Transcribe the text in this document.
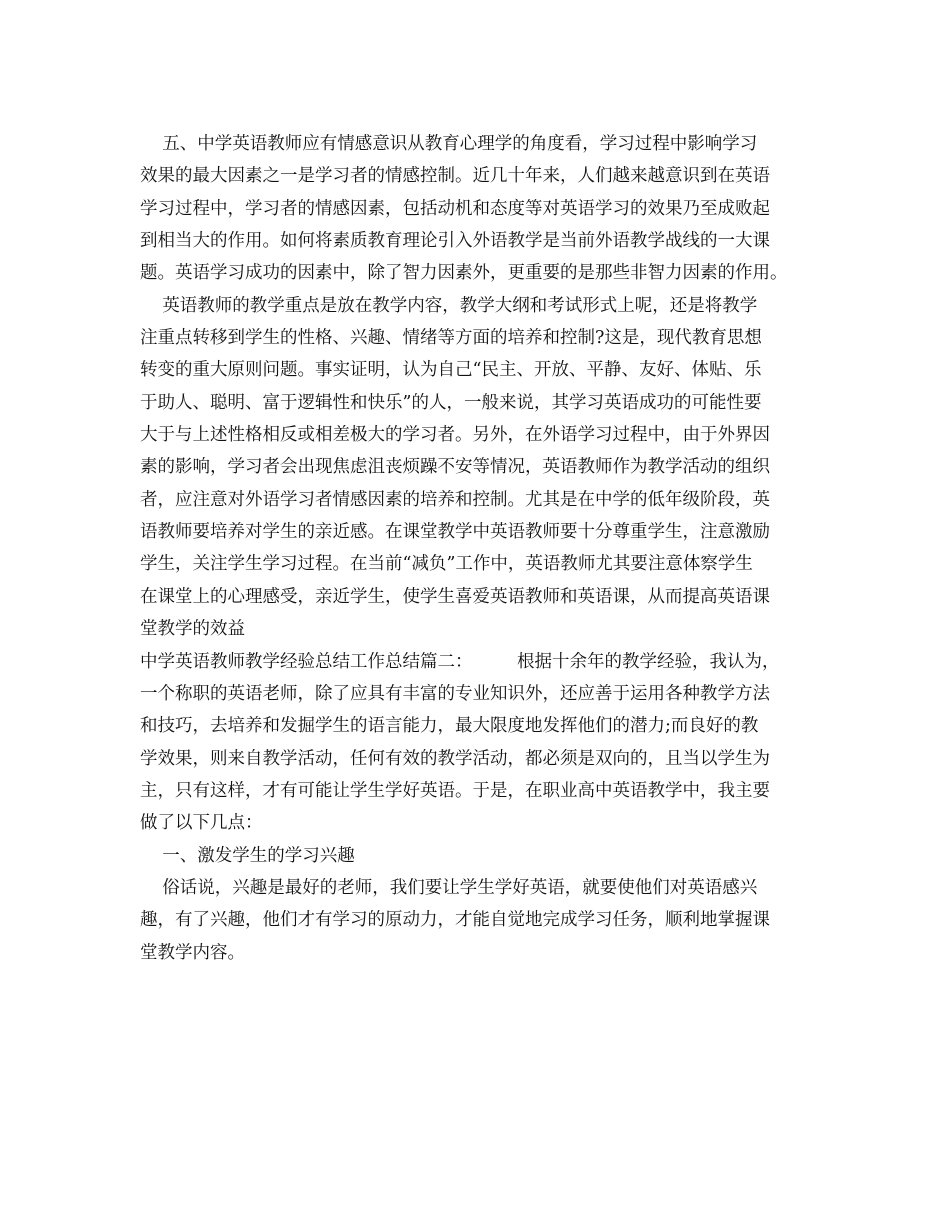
五、中学英语教师应有情感意识从教育心理学的角度看，学习过程中影响学习
效果的最大因素之一是学习者的情感控制。近几十年来，人们越来越意识到在英语
学习过程中，学习者的情感因素，包括动机和态度等对英语学习的效果乃至成败起
到相当大的作用。如何将素质教育理论引入外语教学是当前外语教学战线的一大课
题。英语学习成功的因素中，除了智力因素外，更重要的是那些非智力因素的作用。
英语教师的教学重点是放在教学内容，教学大纲和考试形式上呢，还是将教学
注重点转移到学生的性格、兴趣、情绪等方面的培养和控制?这是，现代教育思想
转变的重大原则问题。事实证明，认为自己“民主、开放、平静、友好、体贴、乐
于助人、聪明、富于逻辑性和快乐”的人，一般来说，其学习英语成功的可能性要
大于与上述性格相反或相差极大的学习者。另外，在外语学习过程中，由于外界因
素的影响，学习者会出现焦虑沮丧烦躁不安等情况，英语教师作为教学活动的组织
者，应注意对外语学习者情感因素的培养和控制。尤其是在中学的低年级阶段，英
语教师要培养对学生的亲近感。在课堂教学中英语教师要十分尊重学生，注意激励
学生，关注学生学习过程。在当前“减负”工作中，英语教师尤其要注意体察学生
在课堂上的心理感受，亲近学生，使学生喜爱英语教师和英语课，从而提高英语课
堂教学的效益
中学英语教师教学经验总结工作总结篇二：        根据十余年的教学经验，我认为，
一个称职的英语老师，除了应具有丰富的专业知识外，还应善于运用各种教学方法
和技巧，去培养和发掘学生的语言能力，最大限度地发挥他们的潜力;而良好的教
学效果，则来自教学活动，任何有效的教学活动，都必须是双向的，且当以学生为
主，只有这样，才有可能让学生学好英语。于是，在职业高中英语教学中，我主要
做了以下几点：
一、激发学生的学习兴趣
俗话说，兴趣是最好的老师，我们要让学生学好英语，就要使他们对英语感兴
趣，有了兴趣，他们才有学习的原动力，才能自觉地完成学习任务，顺利地掌握课
堂教学内容。
